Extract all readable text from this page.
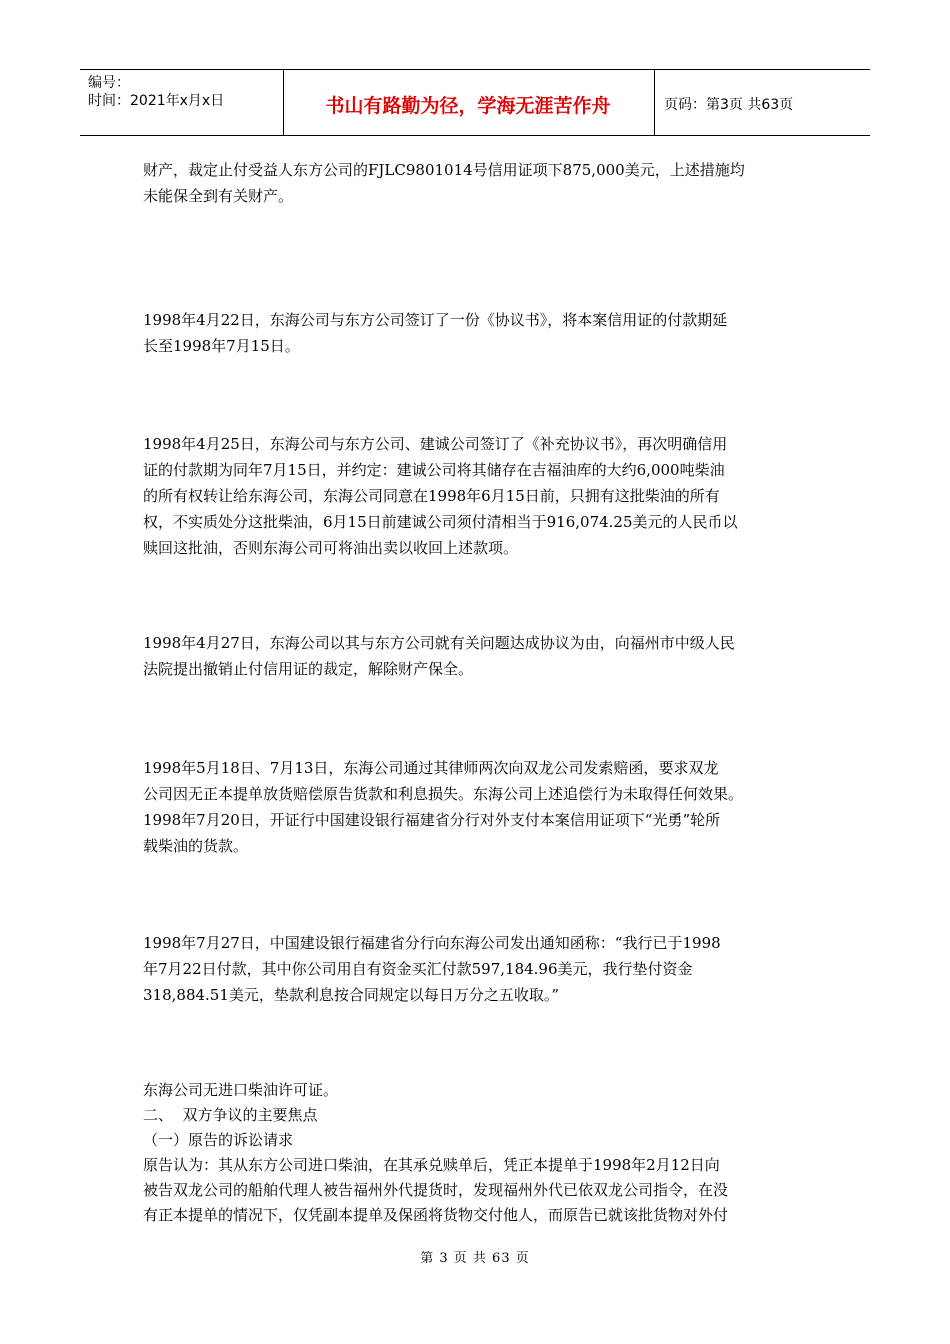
编号：
时间：2021年x月x日	书山有路勤为径，学海无涯苦作舟	页码：第3页 共63页
财产，裁定止付受益人东方公司的FJLC9801014号信用证项下875,000美元，上述措施均
未能保全到有关财产。
1998年4月22日，东海公司与东方公司签订了一份《协议书》，将本案信用证的付款期延
长至1998年7月15日。
1998年4月25日，东海公司与东方公司、建诚公司签订了《补充协议书》，再次明确信用
证的付款期为同年7月15日，并约定：建诚公司将其储存在吉福油库的大约6,000吨柴油
的所有权转让给东海公司，东海公司同意在1998年6月15日前，只拥有这批柴油的所有
权，不实质处分这批柴油，6月15日前建诚公司须付清相当于916,074.25美元的人民币以
赎回这批油，否则东海公司可将油出卖以收回上述款项。
1998年4月27日，东海公司以其与东方公司就有关问题达成协议为由，向福州市中级人民
法院提出撤销止付信用证的裁定，解除财产保全。
1998年5月18日、7月13日，东海公司通过其律师两次向双龙公司发索赔函，要求双龙
公司因无正本提单放货赔偿原告货款和利息损失。东海公司上述追偿行为未取得任何效果。
1998年7月20日，开证行中国建设银行福建省分行对外支付本案信用证项下“光勇”轮所
载柴油的货款。
1998年7月27日，中国建设银行福建省分行向东海公司发出通知函称：“我行已于1998
年7月22日付款，其中你公司用自有资金买汇付款597,184.96美元，我行垫付资金
318,884.51美元，垫款利息按合同规定以每日万分之五收取。”
东海公司无进口柴油许可证。
二、  双方争议的主要焦点
（一）原告的诉讼请求
原告认为：其从东方公司进口柴油，在其承兑赎单后，凭正本提单于1998年2月12日向
被告双龙公司的船舶代理人被告福州外代提货时，发现福州外代已依双龙公司指令，在没
有正本提单的情况下，仅凭副本提单及保函将货物交付他人，而原告已就该批货物对外付
第 3 页 共 63 页
